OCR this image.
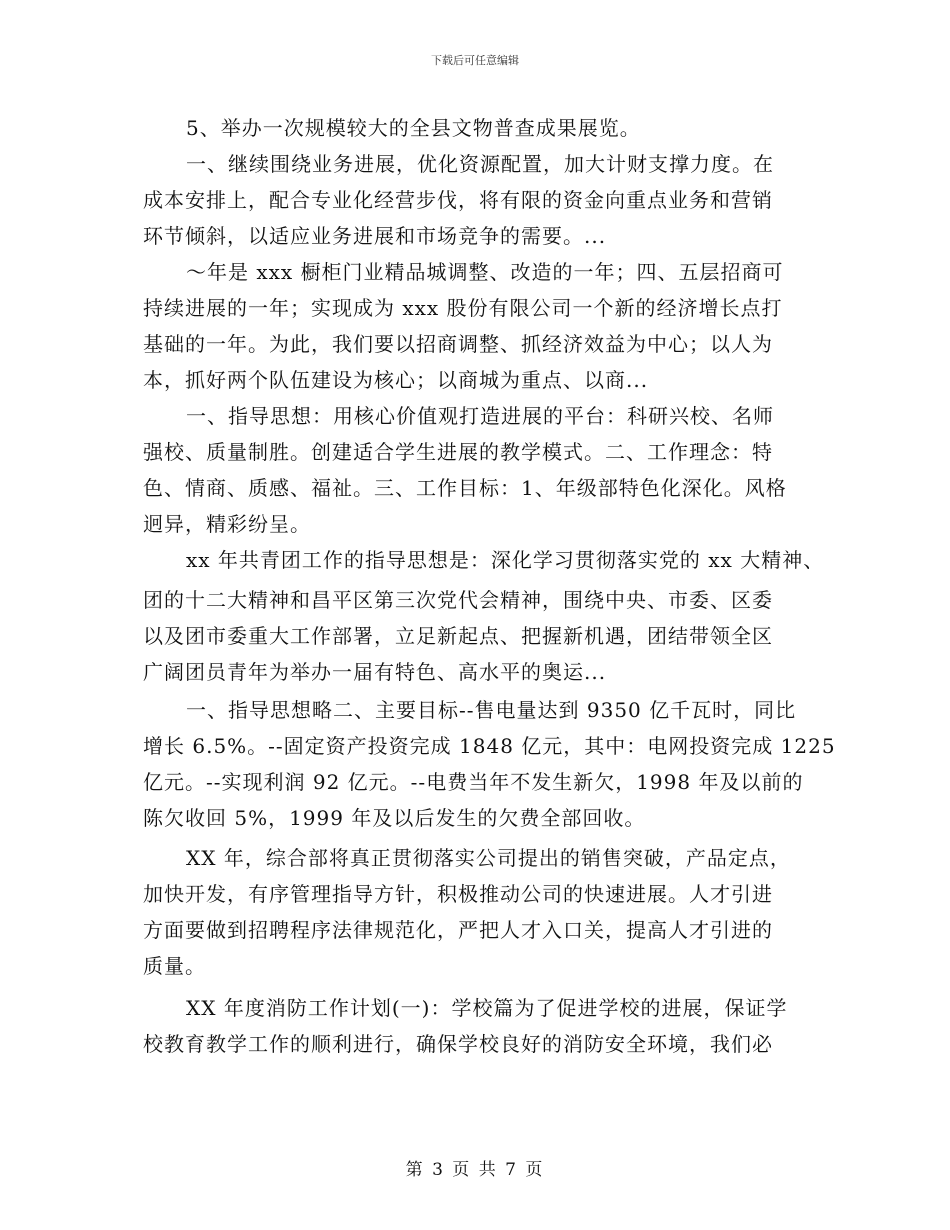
下载后可任意编辑
5、举办一次规模较大的全县文物普查成果展览。
一、继续围绕业务进展，优化资源配置，加大计财支撑力度。在
成本安排上，配合专业化经营步伐，将有限的资金向重点业务和营销
环节倾斜，以适应业务进展和市场竞争的需要。...
～年是 xxx 橱柜门业精品城调整、改造的一年；四、五层招商可
持续进展的一年；实现成为 xxx 股份有限公司一个新的经济增长点打
基础的一年。为此，我们要以招商调整、抓经济效益为中心；以人为
本，抓好两个队伍建设为核心；以商城为重点、以商...
一、指导思想：用核心价值观打造进展的平台：科研兴校、名师
强校、质量制胜。创建适合学生进展的教学模式。二、工作理念：特
色、情商、质感、福祉。三、工作目标：1、年级部特色化深化。风格
迥异，精彩纷呈。
xx 年共青团工作的指导思想是：深化学习贯彻落实党的 xx 大精神、
团的十二大精神和昌平区第三次党代会精神，围绕中央、市委、区委
以及团市委重大工作部署，立足新起点、把握新机遇，团结带领全区
广阔团员青年为举办一届有特色、高水平的奥运...
一、指导思想略二、主要目标--售电量达到 9350 亿千瓦时，同比
增长 6.5%。--固定资产投资完成 1848 亿元，其中：电网投资完成 1225
亿元。--实现利润 92 亿元。--电费当年不发生新欠，1998 年及以前的
陈欠收回 5%，1999 年及以后发生的欠费全部回收。
XX 年，综合部将真正贯彻落实公司提出的销售突破，产品定点，
加快开发，有序管理指导方针，积极推动公司的快速进展。人才引进
方面要做到招聘程序法律规范化，严把人才入口关，提高人才引进的
质量。
XX 年度消防工作计划(一)：学校篇为了促进学校的进展，保证学
校教育教学工作的顺利进行，确保学校良好的消防安全环境，我们必
第 3 页 共 7 页
